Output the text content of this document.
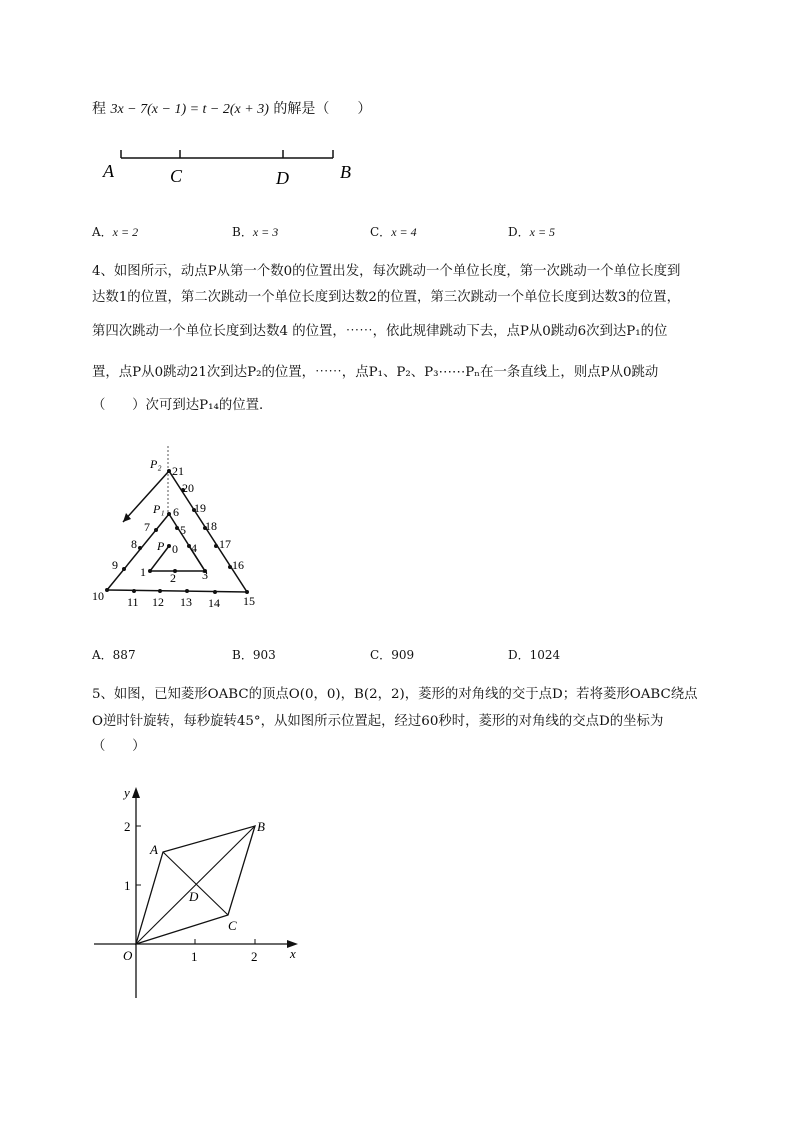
程 3x − 7(x − 1) = t − 2(x + 3) 的解是（　　）
A	C	D	B
A．x = 2	B．x = 3	C．x = 4	D．x = 5
4、如图所示，动点P从第一个数0的位置出发，每次跳动一个单位长度，第一次跳动一个单位长度到
达数1的位置，第二次跳动一个单位长度到达数2的位置，第三次跳动一个单位长度到达数3的位置，
第四次跳动一个单位长度到达数4 的位置，⋯⋯，依此规律跳动下去，点P从0跳动6次到达P₁的位
置，点P从0跳动21次到达P₂的位置，⋯⋯，点P₁、P₂、P₃⋯⋯Pₙ在一条直线上，则点P从0跳动
（　　）次可到达P₁₄的位置．
P₂ 21
20
19
18
17
16
15
14
13
12
11
10
9
8
7
P₁ 6
5
4
P 0
1 2 3
A．887	B．903	C．909	D．1024
5、如图，已知菱形OABC的顶点O(0，0)，B(2，2)，菱形的对角线的交于点D；若将菱形OABC绕点
O逆时针旋转，每秒旋转45°，从如图所示位置起，经过60秒时，菱形的对角线的交点D的坐标为
（　　）
y
x
O	1	2
1
2
A
B
C
D
